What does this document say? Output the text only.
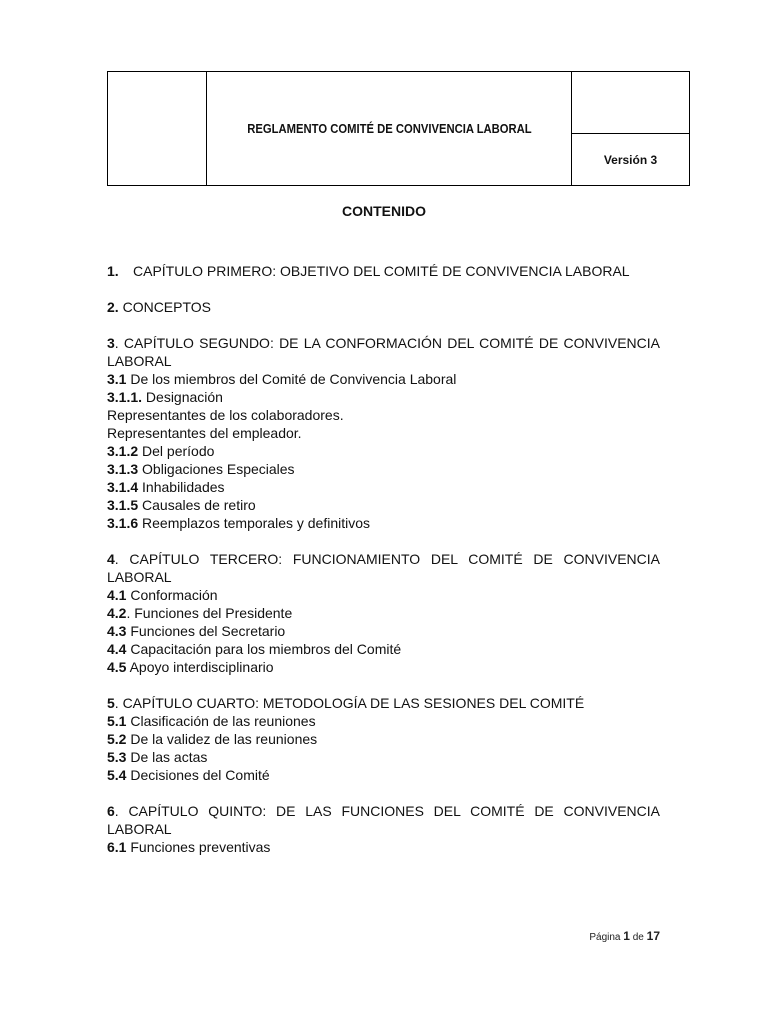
	REGLAMENTO COMITÉ DE CONVIVENCIA LABORAL	
Versión 3
CONTENIDO
1.	CAPÍTULO PRIMERO: OBJETIVO DEL COMITÉ DE CONVIVENCIA LABORAL
2. CONCEPTOS
3. CAPÍTULO SEGUNDO: DE LA CONFORMACIÓN DEL COMITÉ DE CONVIVENCIA LABORAL
3.1 De los miembros del Comité de Convivencia Laboral
3.1.1. Designación
Representantes de los colaboradores.
Representantes del empleador.
3.1.2 Del período
3.1.3 Obligaciones Especiales
3.1.4 Inhabilidades
3.1.5 Causales de retiro
3.1.6 Reemplazos temporales y definitivos
4. CAPÍTULO TERCERO: FUNCIONAMIENTO DEL COMITÉ DE CONVIVENCIA LABORAL
4.1 Conformación
4.2. Funciones del Presidente
4.3 Funciones del Secretario
4.4 Capacitación para los miembros del Comité
4.5 Apoyo interdisciplinario
5. CAPÍTULO CUARTO: METODOLOGÍA DE LAS SESIONES DEL COMITÉ
5.1 Clasificación de las reuniones
5.2 De la validez de las reuniones
5.3 De las actas
5.4 Decisiones del Comité
6. CAPÍTULO QUINTO: DE LAS FUNCIONES DEL COMITÉ DE CONVIVENCIA LABORAL
6.1 Funciones preventivas
Página 1 de 17
